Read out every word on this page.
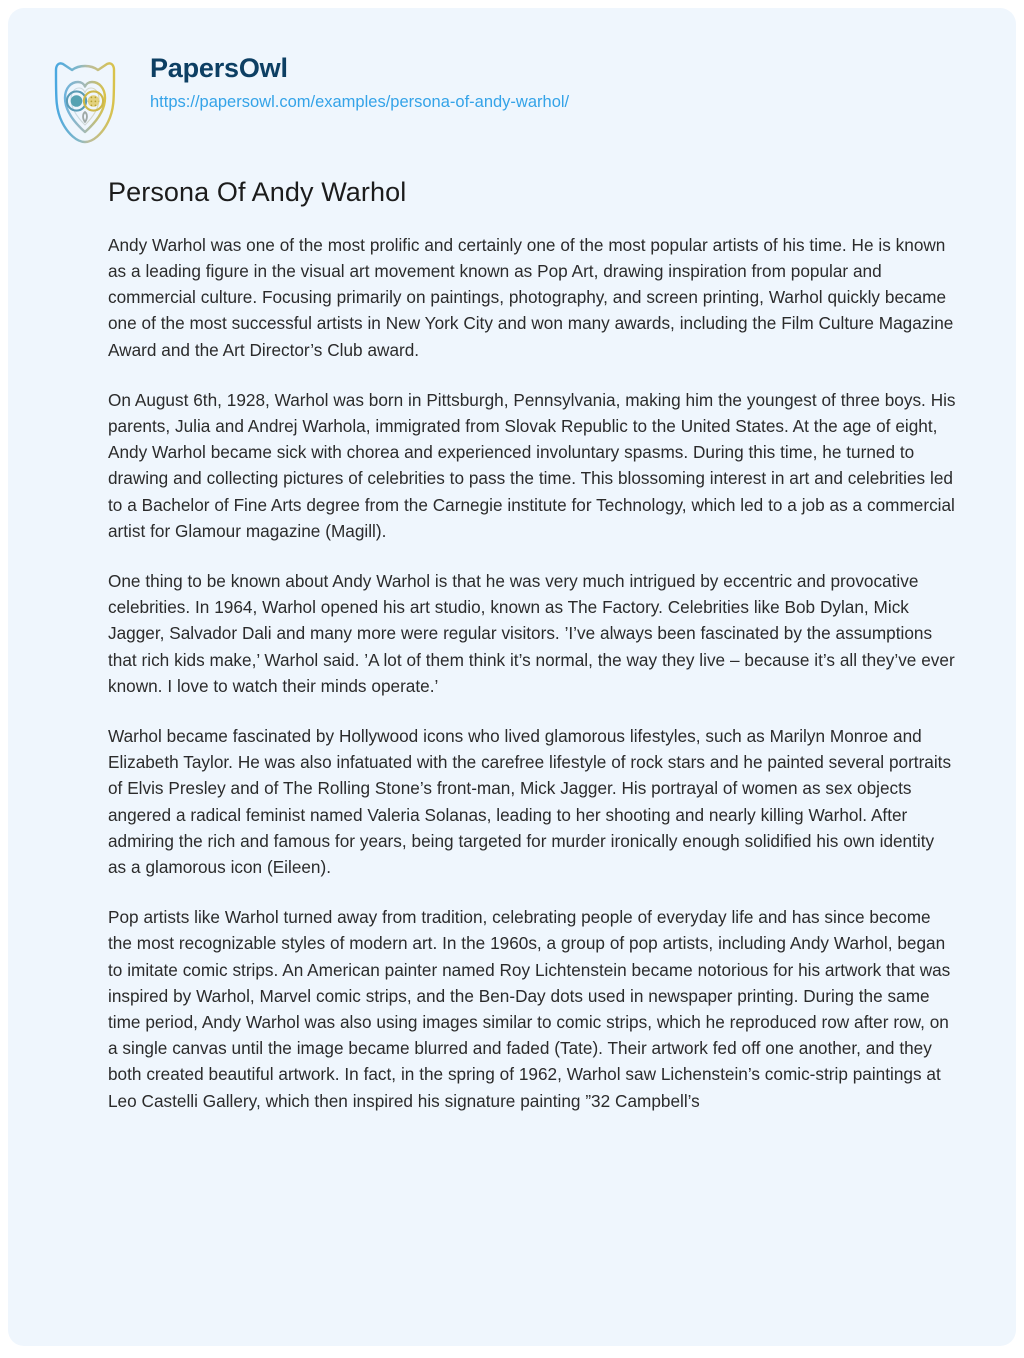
PapersOwl
https://papersowl.com/examples/persona-of-andy-warhol/
Persona Of Andy Warhol

Andy Warhol was one of the most prolific and certainly one of the most popular artists of his time. He is known as a leading figure in the visual art movement known as Pop Art, drawing inspiration from popular and commercial culture. Focusing primarily on paintings, photography, and screen printing, Warhol quickly became one of the most successful artists in New York City and won many awards, including the Film Culture Magazine Award and the Art Director’s Club award.

On August 6th, 1928, Warhol was born in Pittsburgh, Pennsylvania, making him the youngest of three boys. His parents, Julia and Andrej Warhola, immigrated from Slovak Republic to the United States. At the age of eight, Andy Warhol became sick with chorea and experienced involuntary spasms. During this time, he turned to drawing and collecting pictures of celebrities to pass the time. This blossoming interest in art and celebrities led to a Bachelor of Fine Arts degree from the Carnegie institute for Technology, which led to a job as a commercial artist for Glamour magazine (Magill).

One thing to be known about Andy Warhol is that he was very much intrigued by eccentric and provocative celebrities. In 1964, Warhol opened his art studio, known as The Factory. Celebrities like Bob Dylan, Mick Jagger, Salvador Dali and many more were regular visitors. ’I’ve always been fascinated by the assumptions that rich kids make,’ Warhol said. ’A lot of them think it’s normal, the way they live – because it’s all they’ve ever known. I love to watch their minds operate.’

Warhol became fascinated by Hollywood icons who lived glamorous lifestyles, such as Marilyn Monroe and Elizabeth Taylor. He was also infatuated with the carefree lifestyle of rock stars and he painted several portraits of Elvis Presley and of The Rolling Stone’s front-man, Mick Jagger. His portrayal of women as sex objects angered a radical feminist named Valeria Solanas, leading to her shooting and nearly killing Warhol. After admiring the rich and famous for years, being targeted for murder ironically enough solidified his own identity as a glamorous icon (Eileen).

Pop artists like Warhol turned away from tradition, celebrating people of everyday life and has since become the most recognizable styles of modern art. In the 1960s, a group of pop artists, including Andy Warhol, began to imitate comic strips. An American painter named Roy Lichtenstein became notorious for his artwork that was inspired by Warhol, Marvel comic strips, and the Ben-Day dots used in newspaper printing. During the same time period, Andy Warhol was also using images similar to comic strips, which he reproduced row after row, on a single canvas until the image became blurred and faded (Tate). Their artwork fed off one another, and they both created beautiful artwork. In fact, in the spring of 1962, Warhol saw Lichenstein’s comic-strip paintings at Leo Castelli Gallery, which then inspired his signature painting ”32 Campbell’s
